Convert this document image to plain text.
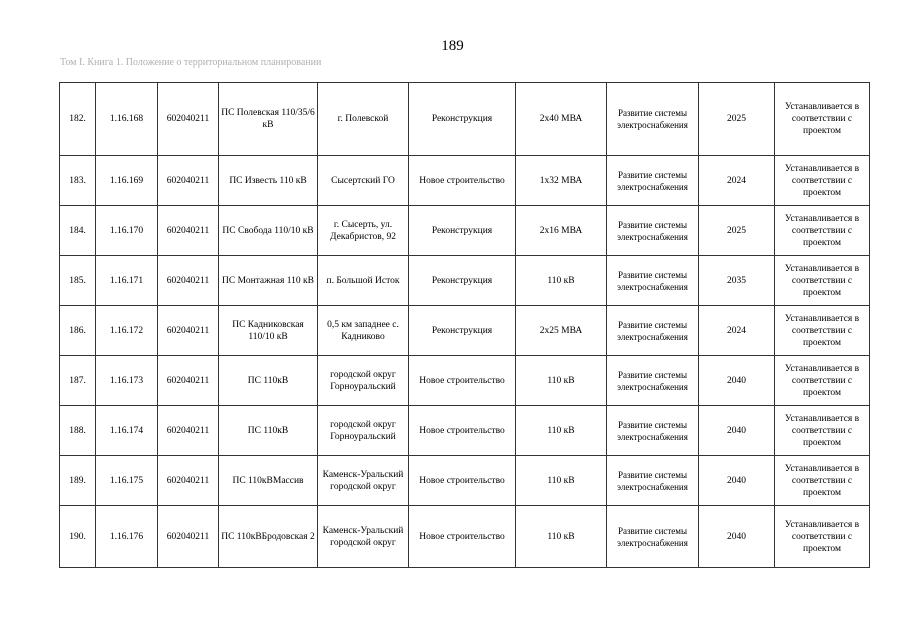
189
Том I. Книга 1. Положение о территориальном планировании
182.	1.16.168	602040211	ПС Полевская 110/35/6 кВ	г. Полевской	Реконструкция	2х40 МВА	Развитие системы электроснабжения	2025	Устанавливается в соответствии с проектом
183.	1.16.169	602040211	ПС Известь 110 кВ	Сысертский ГО	Новое строительство	1х32 МВА	Развитие системы электроснабжения	2024	Устанавливается в соответствии с проектом
184.	1.16.170	602040211	ПС Свобода 110/10 кВ	г. Сысерть, ул. Декабристов, 92	Реконструкция	2х16 МВА	Развитие системы электроснабжения	2025	Устанавливается в соответствии с проектом
185.	1.16.171	602040211	ПС Монтажная 110 кВ	п. Большой Исток	Реконструкция	110 кВ	Развитие системы электроснабжения	2035	Устанавливается в соответствии с проектом
186.	1.16.172	602040211	ПС Кадниковская 110/10 кВ	0,5 км западнее с. Кадниково	Реконструкция	2х25 МВА	Развитие системы электроснабжения	2024	Устанавливается в соответствии с проектом
187.	1.16.173	602040211	ПС 110кВ	городской округ Горноуральский	Новое строительство	110 кВ	Развитие системы электроснабжения	2040	Устанавливается в соответствии с проектом
188.	1.16.174	602040211	ПС 110кВ	городской округ Горноуральский	Новое строительство	110 кВ	Развитие системы электроснабжения	2040	Устанавливается в соответствии с проектом
189.	1.16.175	602040211	ПС 110кВМассив	Каменск-Уральский городской округ	Новое строительство	110 кВ	Развитие системы электроснабжения	2040	Устанавливается в соответствии с проектом
190.	1.16.176	602040211	ПС 110кВБродовская 2	Каменск-Уральский городской округ	Новое строительство	110 кВ	Развитие системы электроснабжения	2040	Устанавливается в соответствии с проектом
